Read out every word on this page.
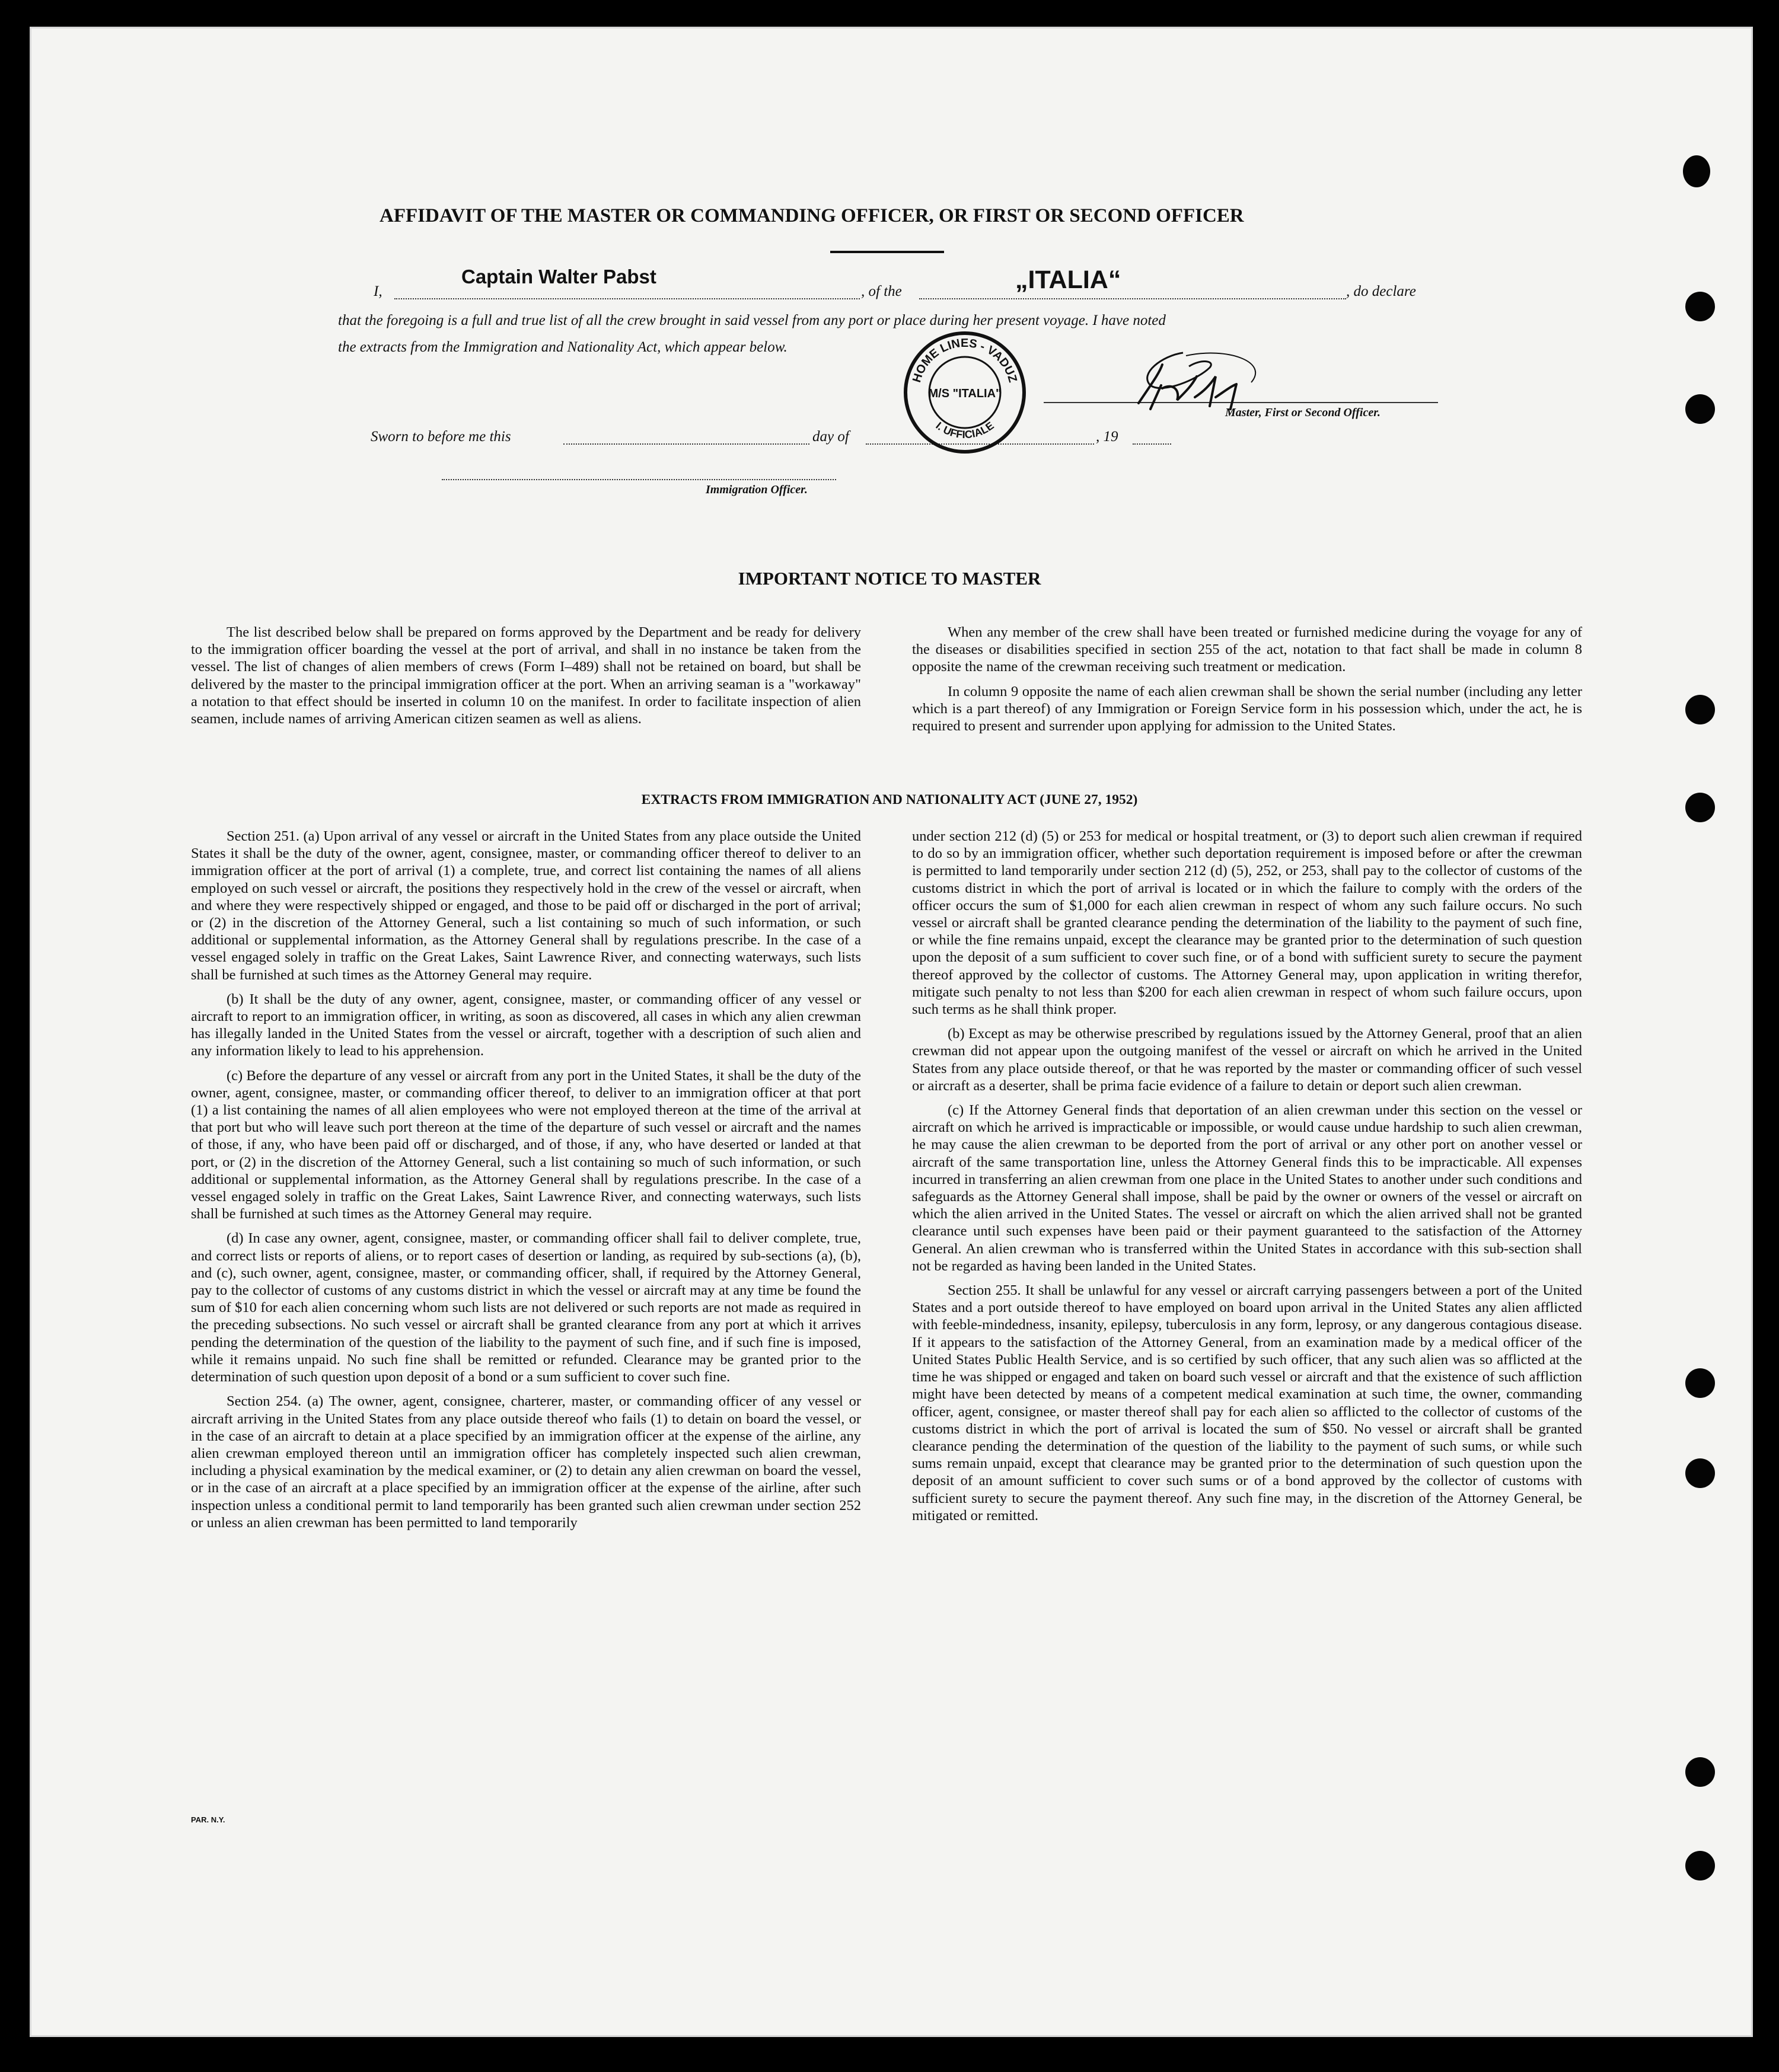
AFFIDAVIT OF THE MASTER OR COMMANDING OFFICER, OR FIRST OR SECOND OFFICER
I,
Captain Walter Pabst
, of the	„ITALIA“	, do declare
that the foregoing is a full and true list of all the crew brought in said vessel from any port or place during her present voyage. I have noted
the extracts from the Immigration and Nationality Act, which appear below.
Master, First or Second Officer.
Sworn to before me this	day of	, 19
Immigration Officer.
HOME LINES - VADUZ
I. UFFICIALE
M/S "ITALIA"
IMPORTANT NOTICE TO MASTER

The list described below shall be prepared on forms approved by the Department and be ready for delivery to the immigration officer boarding the vessel at the port of arrival, and shall in no instance be taken from the vessel. The list of changes of alien members of crews (Form I–489) shall not be retained on board, but shall be delivered by the master to the principal immigration officer at the port. When an arriving seaman is a "workaway" a notation to that effect should be inserted in column 10 on the manifest. In order to facilitate inspection of alien seamen, include names of arriving American citizen seamen as well as aliens.

When any member of the crew shall have been treated or furnished medicine during the voyage for any of the diseases or disabilities specified in section 255 of the act, notation to that fact shall be made in column 8 opposite the name of the crewman receiving such treatment or medication.

In column 9 opposite the name of each alien crewman shall be shown the serial number (including any letter which is a part thereof) of any Immigration or Foreign Service form in his possession which, under the act, he is required to present and surrender upon applying for admission to the United States.

EXTRACTS FROM IMMIGRATION AND NATIONALITY ACT (JUNE 27, 1952)

Section 251. (a) Upon arrival of any vessel or aircraft in the United States from any place outside the United States it shall be the duty of the owner, agent, consignee, master, or commanding officer thereof to deliver to an immigration officer at the port of arrival (1) a complete, true, and correct list containing the names of all aliens employed on such vessel or aircraft, the positions they respectively hold in the crew of the vessel or aircraft, when and where they were respectively shipped or engaged, and those to be paid off or discharged in the port of arrival; or (2) in the discretion of the Attorney General, such a list containing so much of such information, or such additional or supplemental information, as the Attorney General shall by regulations prescribe. In the case of a vessel engaged solely in traffic on the Great Lakes, Saint Lawrence River, and connecting waterways, such lists shall be furnished at such times as the Attorney General may require.

(b) It shall be the duty of any owner, agent, consignee, master, or commanding officer of any vessel or aircraft to report to an immigration officer, in writing, as soon as discovered, all cases in which any alien crewman has illegally landed in the United States from the vessel or aircraft, together with a description of such alien and any information likely to lead to his apprehension.

(c) Before the departure of any vessel or aircraft from any port in the United States, it shall be the duty of the owner, agent, consignee, master, or commanding officer thereof, to deliver to an immigration officer at that port (1) a list containing the names of all alien employees who were not employed thereon at the time of the arrival at that port but who will leave such port thereon at the time of the departure of such vessel or aircraft and the names of those, if any, who have been paid off or discharged, and of those, if any, who have deserted or landed at that port, or (2) in the discretion of the Attorney General, such a list containing so much of such information, or such additional or supplemental information, as the Attorney General shall by regulations prescribe. In the case of a vessel engaged solely in traffic on the Great Lakes, Saint Lawrence River, and connecting waterways, such lists shall be furnished at such times as the Attorney General may require.

(d) In case any owner, agent, consignee, master, or commanding officer shall fail to deliver complete, true, and correct lists or reports of aliens, or to report cases of desertion or landing, as required by sub-sections (a), (b), and (c), such owner, agent, consignee, master, or commanding officer, shall, if required by the Attorney General, pay to the collector of customs of any customs district in which the vessel or aircraft may at any time be found the sum of $10 for each alien concerning whom such lists are not delivered or such reports are not made as required in the preceding subsections. No such vessel or aircraft shall be granted clearance from any port at which it arrives pending the determination of the question of the liability to the payment of such fine, and if such fine is imposed, while it remains unpaid. No such fine shall be remitted or refunded. Clearance may be granted prior to the determination of such question upon deposit of a bond or a sum sufficient to cover such fine.

Section 254. (a) The owner, agent, consignee, charterer, master, or commanding officer of any vessel or aircraft arriving in the United States from any place outside thereof who fails (1) to detain on board the vessel, or in the case of an aircraft to detain at a place specified by an immigration officer at the expense of the airline, any alien crewman employed thereon until an immigration officer has completely inspected such alien crewman, including a physical examination by the medical examiner, or (2) to detain any alien crewman on board the vessel, or in the case of an aircraft at a place specified by an immigration officer at the expense of the airline, after such inspection unless a conditional permit to land temporarily has been granted such alien crewman under section 252 or unless an alien crewman has been permitted to land temporarily

under section 212 (d) (5) or 253 for medical or hospital treatment, or (3) to deport such alien crewman if required to do so by an immigration officer, whether such deportation requirement is imposed before or after the crewman is permitted to land temporarily under section 212 (d) (5), 252, or 253, shall pay to the collector of customs of the customs district in which the port of arrival is located or in which the failure to comply with the orders of the officer occurs the sum of $1,000 for each alien crewman in respect of whom any such failure occurs. No such vessel or aircraft shall be granted clearance pending the determination of the liability to the payment of such fine, or while the fine remains unpaid, except the clearance may be granted prior to the determination of such question upon the deposit of a sum sufficient to cover such fine, or of a bond with sufficient surety to secure the payment thereof approved by the collector of customs. The Attorney General may, upon application in writing therefor, mitigate such penalty to not less than $200 for each alien crewman in respect of whom such failure occurs, upon such terms as he shall think proper.

(b) Except as may be otherwise prescribed by regulations issued by the Attorney General, proof that an alien crewman did not appear upon the outgoing manifest of the vessel or aircraft on which he arrived in the United States from any place outside thereof, or that he was reported by the master or commanding officer of such vessel or aircraft as a deserter, shall be prima facie evidence of a failure to detain or deport such alien crewman.

(c) If the Attorney General finds that deportation of an alien crewman under this section on the vessel or aircraft on which he arrived is impracticable or impossible, or would cause undue hardship to such alien crewman, he may cause the alien crewman to be deported from the port of arrival or any other port on another vessel or aircraft of the same transportation line, unless the Attorney General finds this to be impracticable. All expenses incurred in transferring an alien crewman from one place in the United States to another under such conditions and safeguards as the Attorney General shall impose, shall be paid by the owner or owners of the vessel or aircraft on which the alien arrived in the United States. The vessel or aircraft on which the alien arrived shall not be granted clearance until such expenses have been paid or their payment guaranteed to the satisfaction of the Attorney General. An alien crewman who is transferred within the United States in accordance with this sub-section shall not be regarded as having been landed in the United States.

Section 255. It shall be unlawful for any vessel or aircraft carrying passengers between a port of the United States and a port outside thereof to have employed on board upon arrival in the United States any alien afflicted with feeble-mindedness, insanity, epilepsy, tuberculosis in any form, leprosy, or any dangerous contagious disease. If it appears to the satisfaction of the Attorney General, from an examination made by a medical officer of the United States Public Health Service, and is so certified by such officer, that any such alien was so afflicted at the time he was shipped or engaged and taken on board such vessel or aircraft and that the existence of such affliction might have been detected by means of a competent medical examination at such time, the owner, commanding officer, agent, consignee, or master thereof shall pay for each alien so afflicted to the collector of customs of the customs district in which the port of arrival is located the sum of $50. No vessel or aircraft shall be granted clearance pending the determination of the question of the liability to the payment of such sums, or while such sums remain unpaid, except that clearance may be granted prior to the determination of such question upon the deposit of an amount sufficient to cover such sums or of a bond approved by the collector of customs with sufficient surety to secure the payment thereof. Any such fine may, in the discretion of the Attorney General, be mitigated or remitted.

PAR. N.Y.
